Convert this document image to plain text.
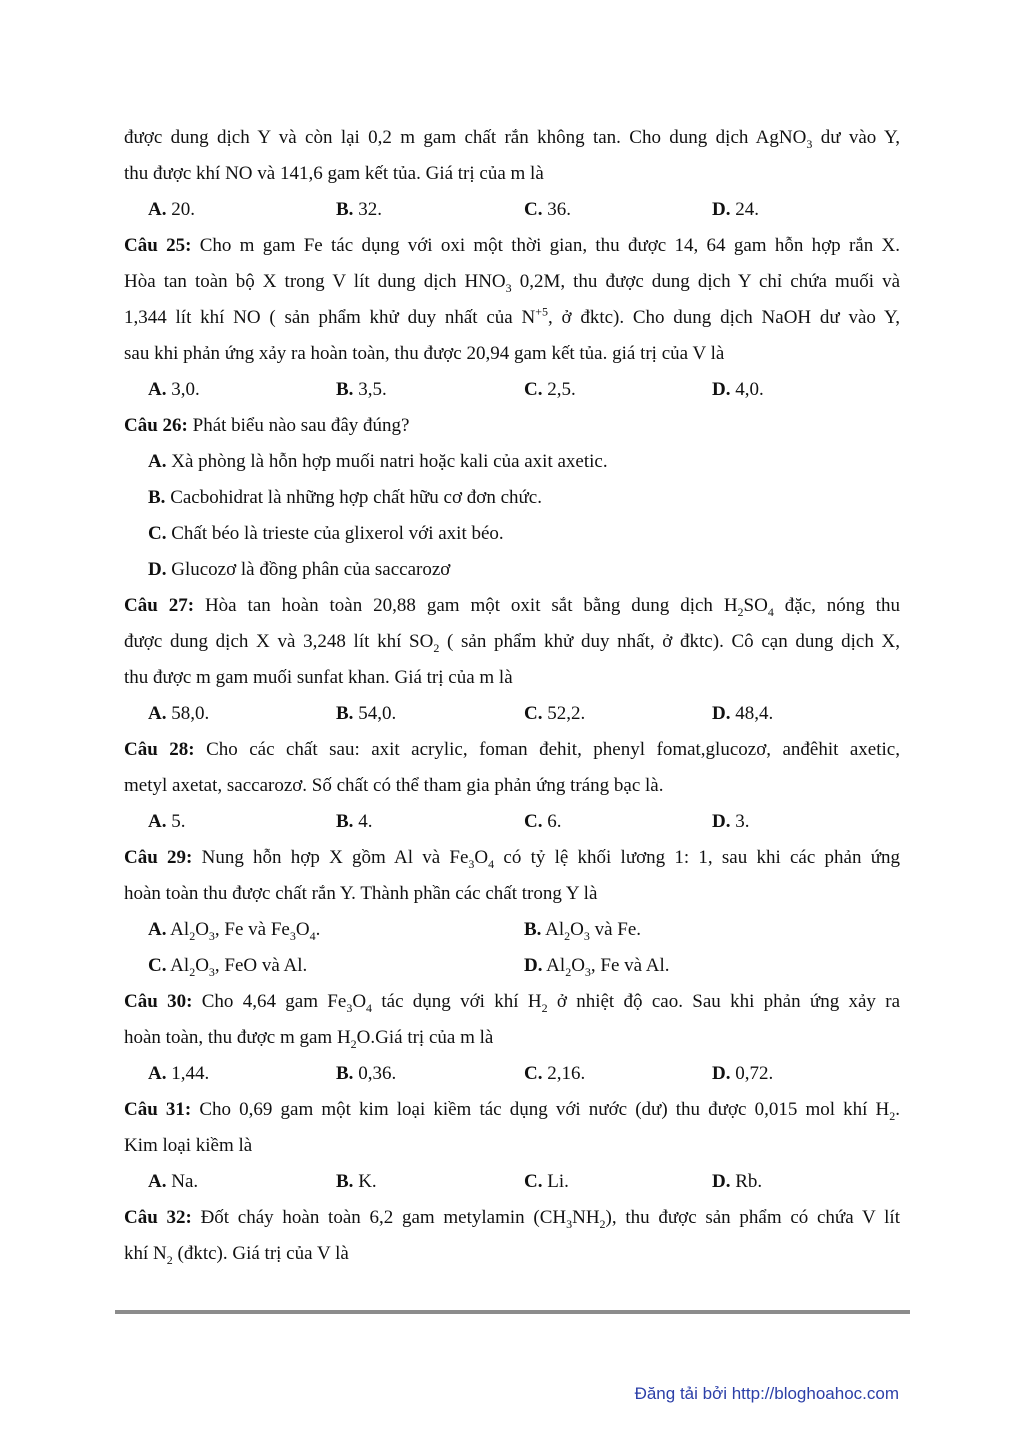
được dung dịch Y và còn lại 0,2 m gam chất rắn không tan. Cho dung dịch AgNO$_3$ dư vào Y,
thu được khí NO và 141,6 gam kết tủa. Giá trị của m là
A. 20.	B. 32.	C. 36.	D. 24.
Câu 25: Cho m gam Fe tác dụng với oxi một thời gian, thu được 14, 64 gam hỗn hợp rắn X.
Hòa tan toàn bộ X trong V lít dung dịch $HNO_3$ 0,2M, thu được dung dịch Y chỉ chứa muối và
1,344 lít khí NO ( sản phẩm khử duy nhất của $N^{+5}$, ở đktc). Cho dung dịch NaOH dư vào Y,
sau khi phản ứng xảy ra hoàn toàn, thu được 20,94 gam kết tủa. giá trị của V là
A. 3,0.	B. 3,5.	C. 2,5.	D. 4,0.
Câu 26: Phát biểu nào sau đây đúng?
A. Xà phòng là hỗn hợp muối natri hoặc kali của axit axetic.
B. Cacbohidrat là những hợp chất hữu cơ đơn chức.
C. Chất béo là trieste của glixerol với axit béo.
D. Glucozơ là đồng phân của saccarozơ
Câu 27: Hòa tan hoàn toàn 20,88 gam một oxit sắt bằng dung dịch $H_2SO_4$ đặc, nóng thu
được dung dịch X và 3,248 lít khí $SO_2$ ( sản phẩm khử duy nhất, ở đktc). Cô cạn dung dịch X,
thu được m gam muối sunfat khan. Giá trị của m là
A. 58,0.	B. 54,0.	C. 52,2.	D. 48,4.
Câu 28: Cho các chất sau: axit acrylic, foman đehit, phenyl fomat,glucozơ, anđêhit axetic,
metyl axetat, saccarozơ. Số chất có thể tham gia phản ứng tráng bạc là.
A. 5.	B. 4.	C. 6.	D. 3.
Câu 29: Nung hỗn hợp X gồm Al và $Fe_3O_4$ có tỷ lệ khối lương 1: 1, sau khi các phản ứng
hoàn toàn thu được chất rắn Y. Thành phần các chất trong Y là
A. $Al_2O_3$, Fe và $Fe_3O_4$.	B. $Al_2O_3$ và Fe.
C. $Al_2O_3$, FeO và Al.	D. $Al_2O_3$, Fe và Al.
Câu 30: Cho 4,64 gam $Fe_3O_4$ tác dụng với khí $H_2$ ở nhiệt độ cao. Sau khi phản ứng xảy ra
hoàn toàn, thu được m gam $H_2O.Giá$ trị của m là
A. 1,44.	B. 0,36.	C. 2,16.	D. 0,72.
Câu 31: Cho 0,69 gam một kim loại kiềm tác dụng với nước (dư) thu được 0,015 mol khí $H_2$.
Kim loại kiềm là
A. Na.	B. K.	C. Li.	D. Rb.
Câu 32: Đốt cháy hoàn toàn 6,2 gam metylamin $(CH_3NH_2)$, thu được sản phẩm có chứa V lít
khí $N_2$ (đktc). Giá trị của V là
Đăng tải bởi http://bloghoahoc.com
